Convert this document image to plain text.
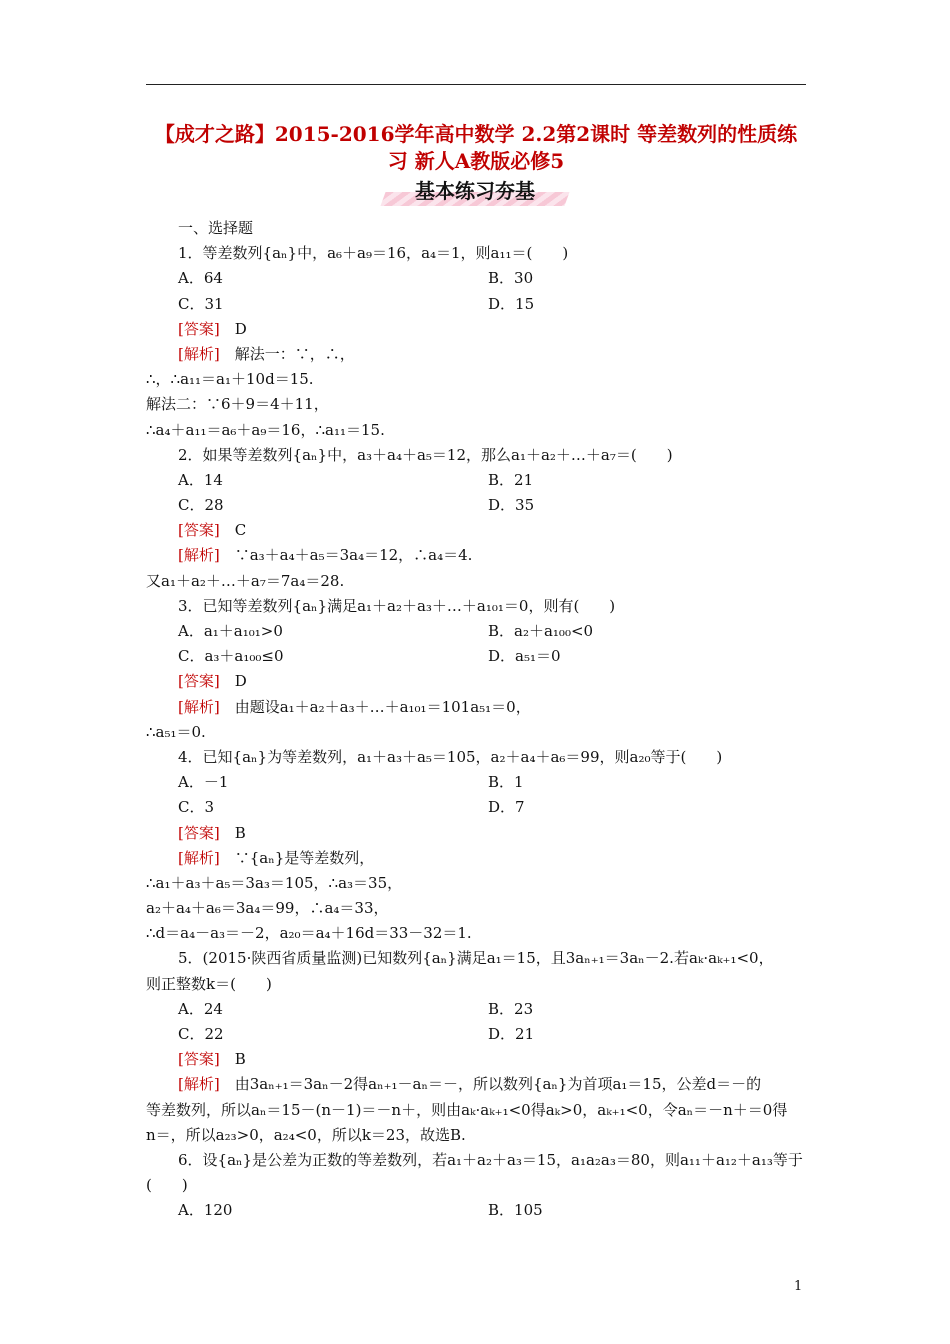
【成才之路】2015-2016学年高中数学 2.2第2课时 等差数列的性质练习 新人A教版必修5
基本练习夯基
一、选择题
1．等差数列{aₙ}中，a₆＋a₉＝16，a₄＝1，则a₁₁＝(　　)
A．64	B．30
C．31	D．15
[答案]　D
[解析]　解法一：∵，∴，
∴，∴a₁₁＝a₁＋10d＝15.
解法二：∵6＋9＝4＋11，
∴a₄＋a₁₁＝a₆＋a₉＝16，∴a₁₁＝15.
2．如果等差数列{aₙ}中，a₃＋a₄＋a₅＝12，那么a₁＋a₂＋…＋a₇＝(　　)
A．14	B．21
C．28	D．35
[答案]　C
[解析]　∵a₃＋a₄＋a₅＝3a₄＝12，∴a₄＝4.
又a₁＋a₂＋…＋a₇＝7a₄＝28.
3．已知等差数列{aₙ}满足a₁＋a₂＋a₃＋…＋a₁₀₁＝0，则有(　　)
A．a₁＋a₁₀₁>0	B．a₂＋a₁₀₀<0
C．a₃＋a₁₀₀≤0	D．a₅₁＝0
[答案]　D
[解析]　由题设a₁＋a₂＋a₃＋…＋a₁₀₁＝101a₅₁＝0，
∴a₅₁＝0.
4．已知{aₙ}为等差数列，a₁＋a₃＋a₅＝105，a₂＋a₄＋a₆＝99，则a₂₀等于(　　)
A．－1	B．1
C．3	D．7
[答案]　B
[解析]　∵{aₙ}是等差数列，
∴a₁＋a₃＋a₅＝3a₃＝105，∴a₃＝35，
a₂＋a₄＋a₆＝3a₄＝99，∴a₄＝33，
∴d＝a₄－a₃＝－2，a₂₀＝a₄＋16d＝33－32＝1.
5．(2015·陕西省质量监测)已知数列{aₙ}满足a₁＝15，且3aₙ₊₁＝3aₙ－2.若aₖ·aₖ₊₁<0，
则正整数k＝(　　)
A．24	B．23
C．22	D．21
[答案]　B
[解析]　由3aₙ₊₁＝3aₙ－2得aₙ₊₁－aₙ＝－，所以数列{aₙ}为首项a₁＝15，公差d＝－的
等差数列，所以aₙ＝15－(n－1)＝－n＋，则由aₖ·aₖ₊₁<0得aₖ>0，aₖ₊₁<0，令aₙ＝－n＋＝0得
n＝，所以a₂₃>0，a₂₄<0，所以k＝23，故选B.
6．设{aₙ}是公差为正数的等差数列，若a₁＋a₂＋a₃＝15，a₁a₂a₃＝80，则a₁₁＋a₁₂＋a₁₃等于
(　　)
A．120	B．105
1
